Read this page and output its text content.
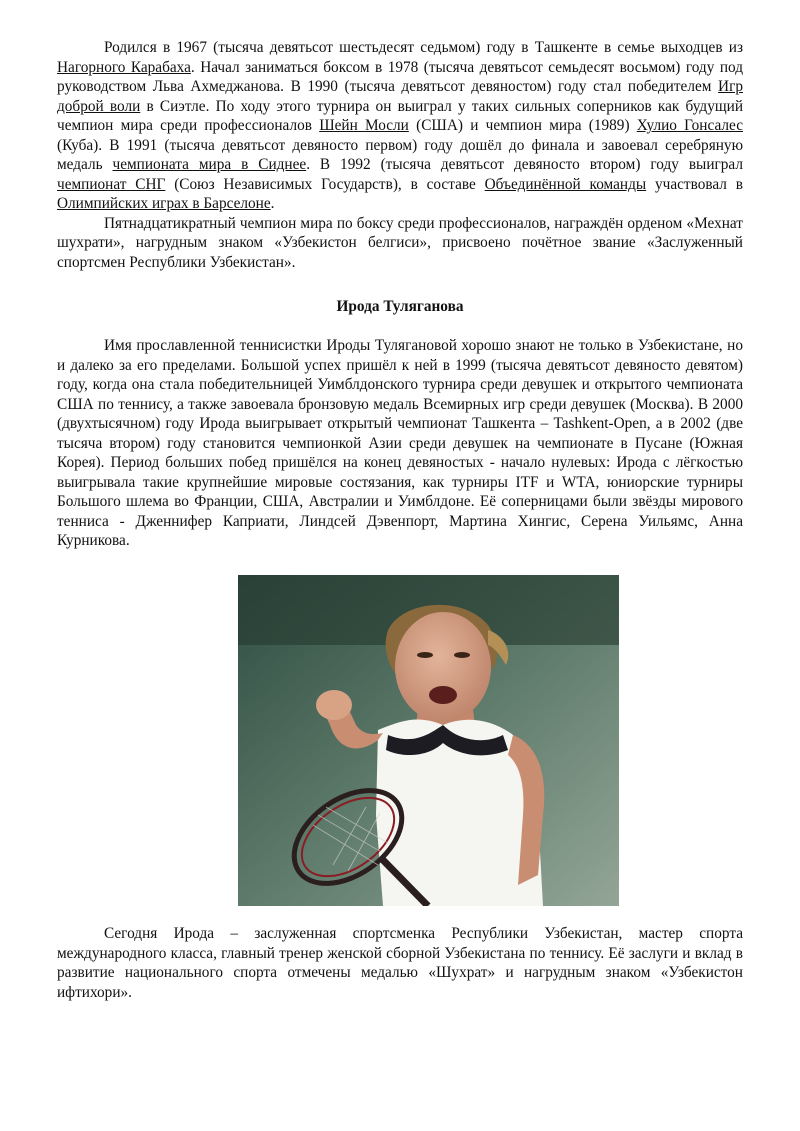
Родился в 1967 (тысяча девятьсот шестьдесят седьмом) году в Ташкенте в семье выходцев из Нагорного Карабаха. Начал заниматься боксом в 1978 (тысяча девятьсот семьдесят восьмом) году под руководством Льва Ахмеджанова. В 1990 (тысяча девятьсот девяностом) году стал победителем Игр доброй воли в Сиэтле. По ходу этого турнира он выиграл у таких сильных соперников как будущий чемпион мира среди профессионалов Шейн Мосли (США) и чемпион мира (1989) Хулио Гонсалес (Куба). В 1991 (тысяча девятьсот девяносто первом) году дошёл до финала и завоевал серебряную медаль чемпионата мира в Сиднее. В 1992 (тысяча девятьсот девяносто втором) году выиграл чемпионат СНГ (Союз Независимых Государств), в составе Объединённой команды участвовал в Олимпийских играх в Барселоне.

Пятнадцатикратный чемпион мира по боксу среди профессионалов, награждён орденом «Мехнат шухрати», нагрудным знаком «Узбекистон белгиси», присвоено почётное звание «Заслуженный спортсмен Республики Узбекистан».

Ирода Туляганова

Имя прославленной теннисистки Ироды Тулягановой хорошо знают не только в Узбекистане, но и далеко за его пределами. Большой успех пришёл к ней в 1999 (тысяча девятьсот девяносто девятом) году, когда она стала победительницей Уимблдонского турнира среди девушек и открытого чемпионата США по теннису, а также завоевала бронзовую медаль Всемирных игр среди девушек (Москва). В 2000 (двухтысячном) году Ирода выигрывает открытый чемпионат Ташкента – Tashkent-Open, а в 2002 (две тысяча втором) году становится чемпионкой Азии среди девушек на чемпионате в Пусане (Южная Корея). Период больших побед пришёлся на конец девяностых - начало нулевых: Ирода с лёгкостью выигрывала такие крупнейшие мировые состязания, как турниры ITF и WTA, юниорские турниры Большого шлема во Франции, США, Австралии и Уимблдоне. Её соперницами были звёзды мирового тенниса - Дженнифер Каприати, Линдсей Дэвенпорт, Мартина Хингис, Серена Уильямс, Анна Курникова.

Сегодня Ирода – заслуженная спортсменка Республики Узбекистан, мастер спорта международного класса, главный тренер женской сборной Узбекистана по теннису. Её заслуги и вклад в развитие национального спорта отмечены медалью «Шухрат» и нагрудным знаком «Узбекистон ифтихори».
